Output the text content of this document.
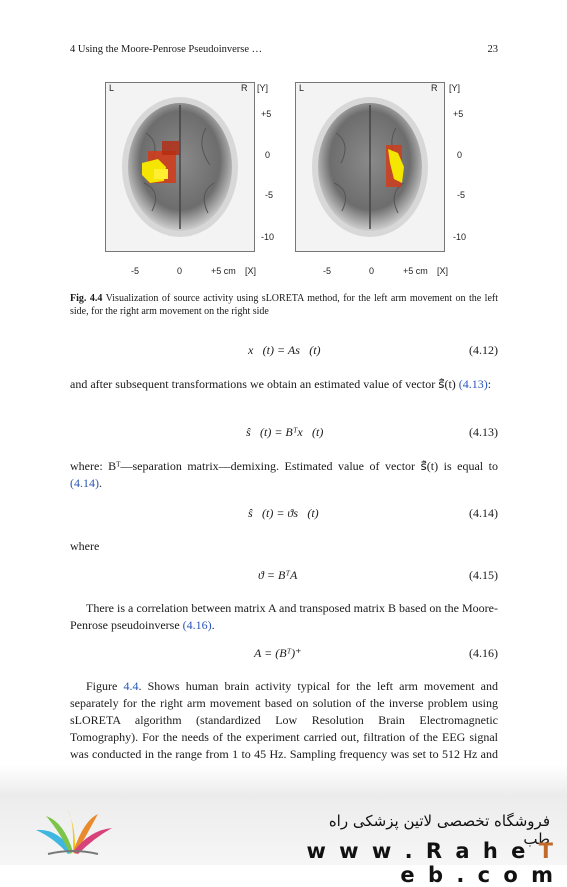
4 Using the Moore-Penrose Pseudoinverse …	23
L	R	L	R
[Y]	[Y]
+5
0
-5
-10
+5
0
-5
-10
-5	0	+5 cm [X]	-5	0	+5 cm [X]
Fig. 4.4 Visualization of source activity using sLORETA method, for the left arm movement on the left side, for the right arm movement on the right side
x⃗(t) = As⃗(t)	(4.12)
and after subsequent transformations we obtain an estimated value of vector ŝ⃗(t) (4.13):
ŝ⃗(t) = Bᵀx⃗(t)	(4.13)
where: Bᵀ—separation matrix—demixing. Estimated value of vector ŝ⃗(t) is equal to (4.14).
ŝ⃗(t) = ϑs⃗(t)	(4.14)
where
ϑ = BᵀA	(4.15)
There is a correlation between matrix A and transposed matrix B based on the Moore-Penrose pseudoinverse (4.16).
A = (Bᵀ)⁺	(4.16)
Figure 4.4. Shows human brain activity typical for the left arm movement and separately for the right arm movement based on solution of the inverse problem using sLORETA algorithm (standardized Low Resolution Brain Electromagnetic Tomography). For the needs of the experiment carried out, filtration of the EEG signal was conducted in the range from 1 to 45 Hz. Sampling frequency was set to 512 Hz and
فروشگاه تخصصی لاتین پزشکی راه طب
w w w . R a h e T e b . c o m
